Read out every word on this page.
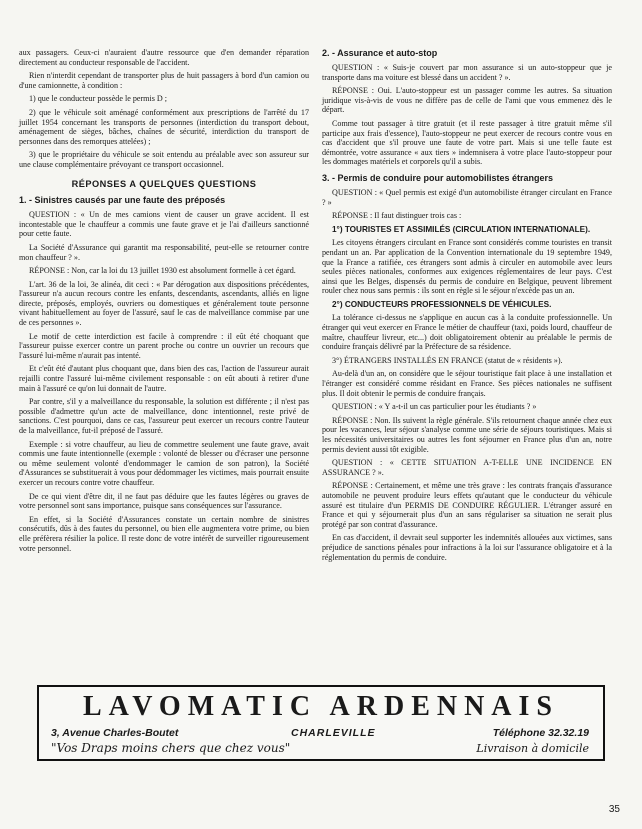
aux passagers. Ceux-ci n'auraient d'autre ressource que d'en demander réparation directement au conducteur responsable de l'accident.

Rien n'interdit cependant de transporter plus de huit passagers à bord d'un camion ou d'une camionnette, à condition :

1) que le conducteur possède le permis D ;

2) que le véhicule soit aménagé conformément aux prescriptions de l'arrêté du 17 juillet 1954 concernant les transports de personnes (interdiction du transport debout, aménagement de sièges, bâches, chaînes de sécurité, interdiction du transport de personnes dans des remorques attelées) ;

3) que le propriétaire du véhicule se soit entendu au préalable avec son assureur sur une clause complémentaire prévoyant ce transport occasionnel.

RÉPONSES A QUELQUES QUESTIONS
1. - Sinistres causés par une faute des préposés

QUESTION : « Un de mes camions vient de causer un grave accident. Il est incontestable que le chauffeur a commis une faute grave et je l'ai d'ailleurs sanctionné pour cette faute.

La Société d'Assurance qui garantit ma responsabilité, peut-elle se retourner contre mon chauffeur ? ».

RÉPONSE : Non, car la loi du 13 juillet 1930 est absolument formelle à cet égard.

L'art. 36 de la loi, 3e alinéa, dit ceci : « Par dérogation aux dispositions précédentes, l'assureur n'a aucun recours contre les enfants, descendants, ascendants, alliés en ligne directe, préposés, employés, ouvriers ou domestiques et généralement toute personne vivant habituellement au foyer de l'assuré, sauf le cas de malveillance commise par une de ces personnes ».

Le motif de cette interdiction est facile à comprendre : il eût été choquant que l'assureur puisse exercer contre un parent proche ou contre un ouvrier un recours que l'assuré lui-même n'aurait pas intenté.

Et c'eût été d'autant plus choquant que, dans bien des cas, l'action de l'assureur aurait rejailli contre l'assuré lui-même civilement responsable : on eût abouti à retirer d'une main à l'assuré ce qu'on lui donnait de l'autre.

Par contre, s'il y a malveillance du responsable, la solution est différente ; il n'est pas possible d'admettre qu'un acte de malveillance, donc intentionnel, reste privé de sanctions. C'est pourquoi, dans ce cas, l'assureur peut exercer un recours contre l'auteur de la malveillance, fut-il préposé de l'assuré.

Exemple : si votre chauffeur, au lieu de commettre seulement une faute grave, avait commis une faute intentionnelle (exemple : volonté de blesser ou d'écraser une personne ou même seulement volonté d'endommager le camion de son patron), la Société d'Assurances se substituerait à vous pour dédommager les victimes, mais pourrait ensuite exercer un recours contre votre chauffeur.

De ce qui vient d'être dit, il ne faut pas déduire que les fautes légères ou graves de votre personnel sont sans importance, puisque sans conséquences sur l'assurance.

En effet, si la Société d'Assurances constate un certain nombre de sinistres consécutifs, dûs à des fautes du personnel, ou bien elle augmentera votre prime, ou bien elle préfèrera résilier la police. Il reste donc de votre intérêt de surveiller rigoureusement votre personnel.

2. - Assurance et auto-stop

QUESTION : « Suis-je couvert par mon assurance si un auto-stoppeur que je transporte dans ma voiture est blessé dans un accident ? ».

RÉPONSE : Oui. L'auto-stoppeur est un passager comme les autres. Sa situation juridique vis-à-vis de vous ne diffère pas de celle de l'ami que vous emmenez dès le départ.

Comme tout passager à titre gratuit (et il reste passager à titre gratuit même s'il participe aux frais d'essence), l'auto-stoppeur ne peut exercer de recours contre vous en cas d'accident que s'il prouve une faute de votre part. Mais si une telle faute est démontrée, votre assurance « aux tiers » indemnisera à votre place l'auto-stoppeur pour les dommages matériels et corporels qu'il a subis.

3. - Permis de conduire pour automobilistes étrangers

QUESTION : « Quel permis est exigé d'un automobiliste étranger circulant en France ? »

RÉPONSE : Il faut distinguer trois cas :

1°) TOURISTES ET ASSIMILÉS (CIRCULATION INTERNATIONALE).

Les citoyens étrangers circulant en France sont considérés comme touristes en transit pendant un an. Par application de la Convention internationale du 19 septembre 1949, que la France a ratifiée, ces étrangers sont admis à circuler en automobile avec leurs seules pièces nationales, conformes aux exigences réglementaires de leur pays. C'est ainsi que les Belges, dispensés du permis de conduire en Belgique, peuvent librement rouler chez nous sans permis : ils sont en règle si le séjour n'excède pas un an.

2°) CONDUCTEURS PROFESSIONNELS DE VÉHICULES.

La tolérance ci-dessus ne s'applique en aucun cas à la conduite professionnelle. Un étranger qui veut exercer en France le métier de chauffeur (taxi, poids lourd, chauffeur de maître, chauffeur livreur, etc...) doit obligatoirement obtenir au préalable le permis de conduire français délivré par la Préfecture de sa résidence.

3°) ÉTRANGERS INSTALLÉS EN FRANCE (statut de « résidents »).

Au-delà d'un an, on considère que le séjour touristique fait place à une installation et l'étranger est considéré comme résidant en France. Ses pièces nationales ne suffisent plus. Il doit obtenir le permis de conduire français.

QUESTION : « Y a-t-il un cas particulier pour les étudiants ? »

RÉPONSE : Non. Ils suivent la règle générale. S'ils retournent chaque année chez eux pour les vacances, leur séjour s'analyse comme une série de séjours touristiques. Mais si les nécessités universitaires ou autres les font séjourner en France plus d'un an, notre permis devient aussi tôt exigible.

QUESTION : « CETTE SITUATION A-T-ELLE UNE INCIDENCE EN ASSURANCE ? ».

RÉPONSE : Certainement, et même une très grave : les contrats français d'assurance automobile ne peuvent produire leurs effets qu'autant que le conducteur du véhicule assuré est titulaire d'un PERMIS DE CONDUIRE RÉGULIER. L'étranger assuré en France et qui y séjournerait plus d'un an sans régulariser sa situation ne serait plus protégé par son contrat d'assurance.

En cas d'accident, il devrait seul supporter les indemnités allouées aux victimes, sans préjudice de sanctions pénales pour infractions à la loi sur l'assurance obligatoire et à la réglementation du permis de conduire.

LAVOMATIC ARDENNAIS
3, Avenue Charles-Boutet	CHARLEVILLE	Téléphone 32.32.19
"Vos Draps moins chers que chez vous"	Livraison à domicile
35
